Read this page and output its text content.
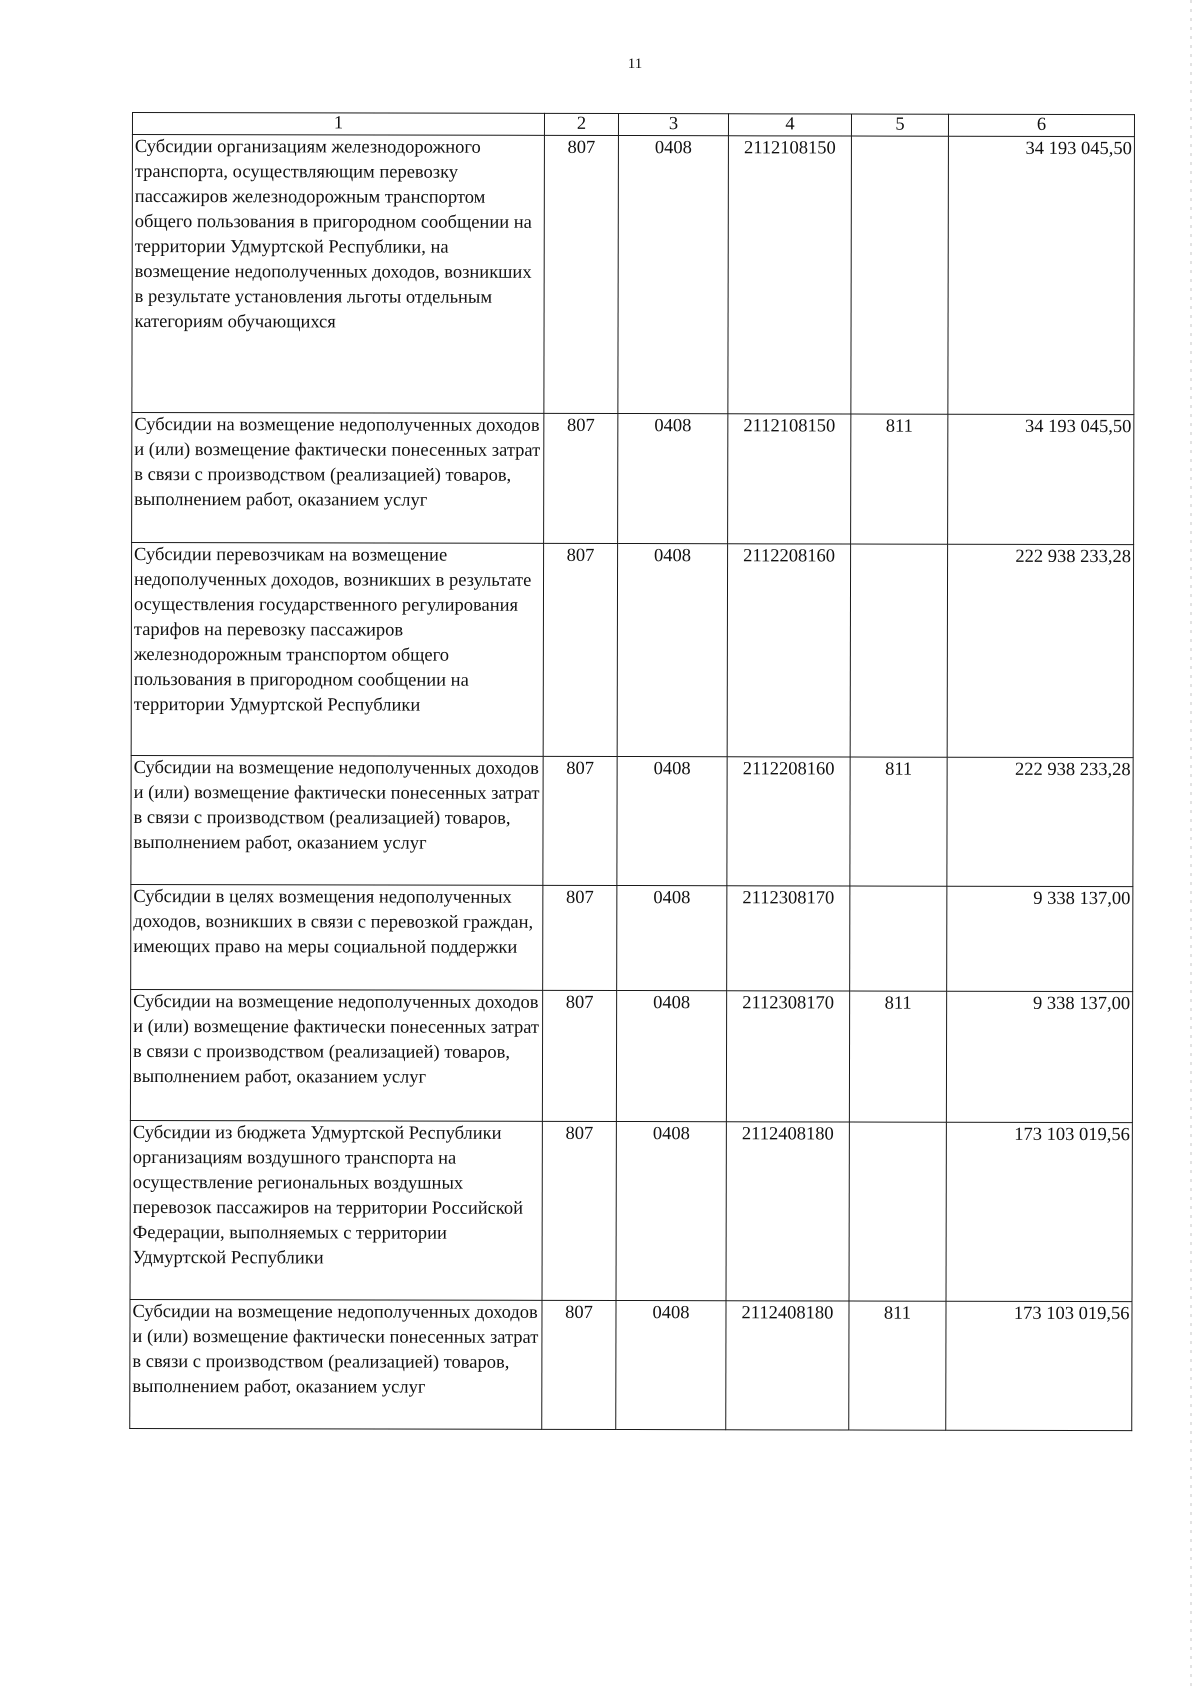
11
1	2	3	4	5	6
Субсидии организациям железнодорожного транспорта, осуществляющим перевозку пассажиров железнодорожным транспортом общего пользования в пригородном сообщении на территории Удмуртской Республики, на возмещение недополученных доходов, возникших в результате установления льготы отдельным категориям обучающихся	807	0408	2112108150		34 193 045,50
Субсидии на возмещение недополученных доходов и (или) возмещение фактически понесенных затрат в связи с производством (реализацией) товаров, выполнением работ, оказанием услуг	807	0408	2112108150	811	34 193 045,50
Субсидии перевозчикам на возмещение недополученных доходов, возникших в результате осуществления государственного регулирования тарифов на перевозку пассажиров железнодорожным транспортом общего пользования в пригородном сообщении на территории Удмуртской Республики	807	0408	2112208160		222 938 233,28
Субсидии на возмещение недополученных доходов и (или) возмещение фактически понесенных затрат в связи с производством (реализацией) товаров, выполнением работ, оказанием услуг	807	0408	2112208160	811	222 938 233,28
Субсидии в целях возмещения недополученных доходов, возникших в связи с перевозкой граждан, имеющих право на меры социальной поддержки	807	0408	2112308170		9 338 137,00
Субсидии на возмещение недополученных доходов и (или) возмещение фактически понесенных затрат в связи с производством (реализацией) товаров, выполнением работ, оказанием услуг	807	0408	2112308170	811	9 338 137,00
Субсидии из бюджета Удмуртской Республики организациям воздушного транспорта на осуществление региональных воздушных перевозок пассажиров на территории Российской Федерации, выполняемых с территории Удмуртской Республики	807	0408	2112408180		173 103 019,56
Субсидии на возмещение недополученных доходов и (или) возмещение фактически понесенных затрат в связи с производством (реализацией) товаров, выполнением работ, оказанием услуг	807	0408	2112408180	811	173 103 019,56
